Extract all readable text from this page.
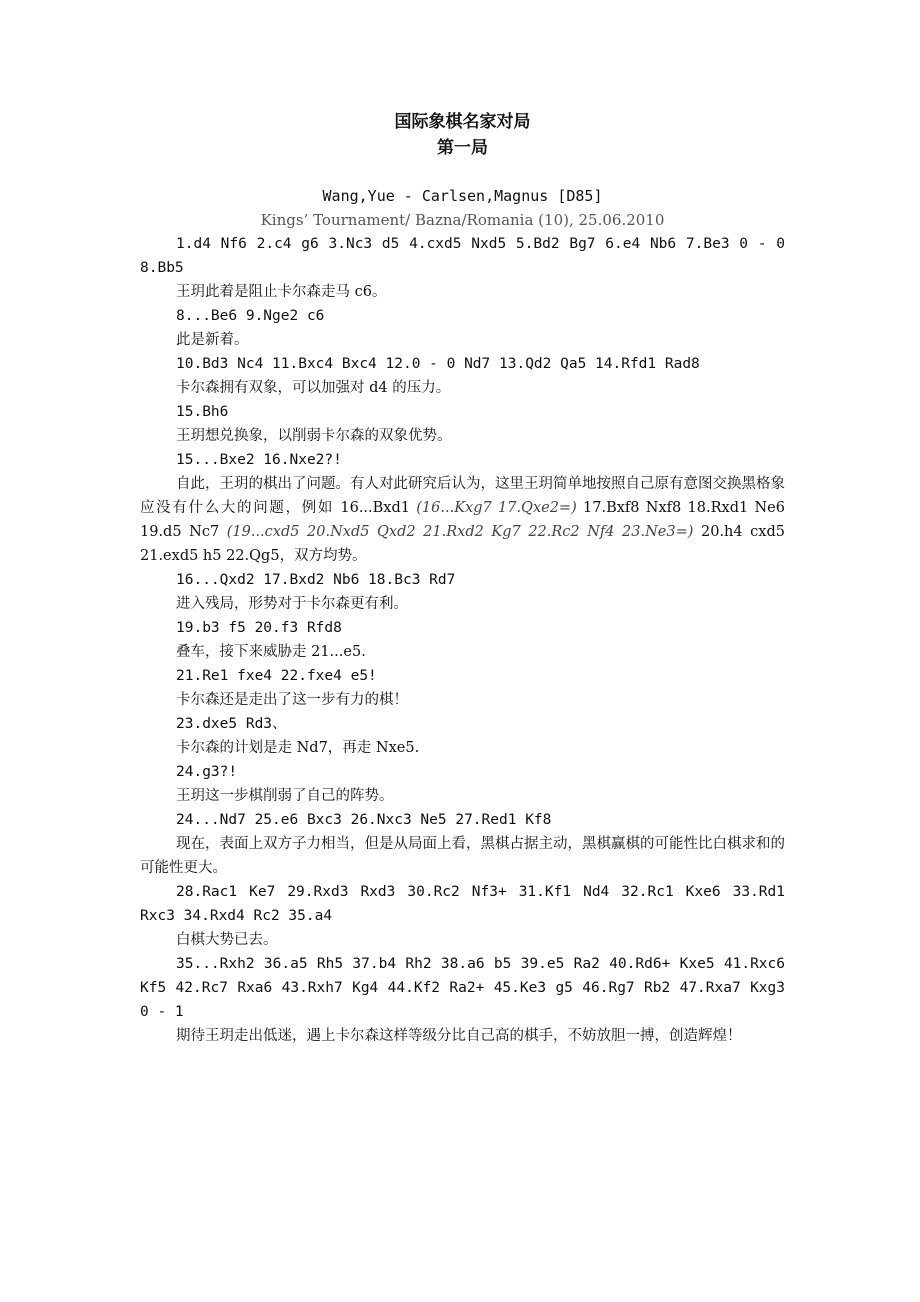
国际象棋名家对局

第一局

Wang,Yue - Carlsen,Magnus [D85]
Kings’ Tournament/ Bazna/Romania (10), 25.06.2010

1.d4 Nf6 2.c4 g6 3.Nc3 d5 4.cxd5 Nxd5 5.Bd2 Bg7 6.e4 Nb6 7.Be3 0 - 0 8.Bb5

王玥此着是阻止卡尔森走马 c6。

8...Be6 9.Nge2 c6

此是新着。

10.Bd3 Nc4 11.Bxc4 Bxc4 12.0 - 0 Nd7 13.Qd2 Qa5 14.Rfd1 Rad8

卡尔森拥有双象，可以加强对 d4 的压力。

15.Bh6

王玥想兑换象，以削弱卡尔森的双象优势。

15...Bxe2 16.Nxe2?!

自此，王玥的棋出了问题。有人对此研究后认为，这里王玥简单地按照自己原有意图交换黑格象应没有什么大的问题，例如 16...Bxd1 (16...Kxg7 17.Qxe2=) 17.Bxf8 Nxf8 18.Rxd1 Ne6 19.d5 Nc7 (19...cxd5 20.Nxd5 Qxd2 21.Rxd2 Kg7 22.Rc2 Nf4 23.Ne3=) 20.h4 cxd5 21.exd5 h5 22.Qg5，双方均势。

16...Qxd2 17.Bxd2 Nb6 18.Bc3 Rd7

进入残局，形势对于卡尔森更有利。

19.b3 f5 20.f3 Rfd8

叠车，接下来威胁走 21...e5.

21.Re1 fxe4 22.fxe4 e5!

卡尔森还是走出了这一步有力的棋！

23.dxe5 Rd3、

卡尔森的计划是走 Nd7，再走 Nxe5.

24.g3?!

王玥这一步棋削弱了自己的阵势。

24...Nd7 25.e6 Bxc3 26.Nxc3 Ne5 27.Red1 Kf8

现在，表面上双方子力相当，但是从局面上看，黑棋占据主动，黑棋赢棋的可能性比白棋求和的可能性更大。

28.Rac1 Ke7 29.Rxd3 Rxd3 30.Rc2 Nf3+ 31.Kf1 Nd4 32.Rc1 Kxe6 33.Rd1 Rxc3 34.Rxd4 Rc2 35.a4

白棋大势已去。

35...Rxh2 36.a5 Rh5 37.b4 Rh2 38.a6 b5 39.e5 Ra2 40.Rd6+ Kxe5 41.Rxc6 Kf5 42.Rc7 Rxa6 43.Rxh7 Kg4 44.Kf2 Ra2+ 45.Ke3 g5 46.Rg7 Rb2 47.Rxa7 Kxg3 0 - 1

期待王玥走出低迷，遇上卡尔森这样等级分比自己高的棋手，不妨放胆一搏，创造辉煌！
